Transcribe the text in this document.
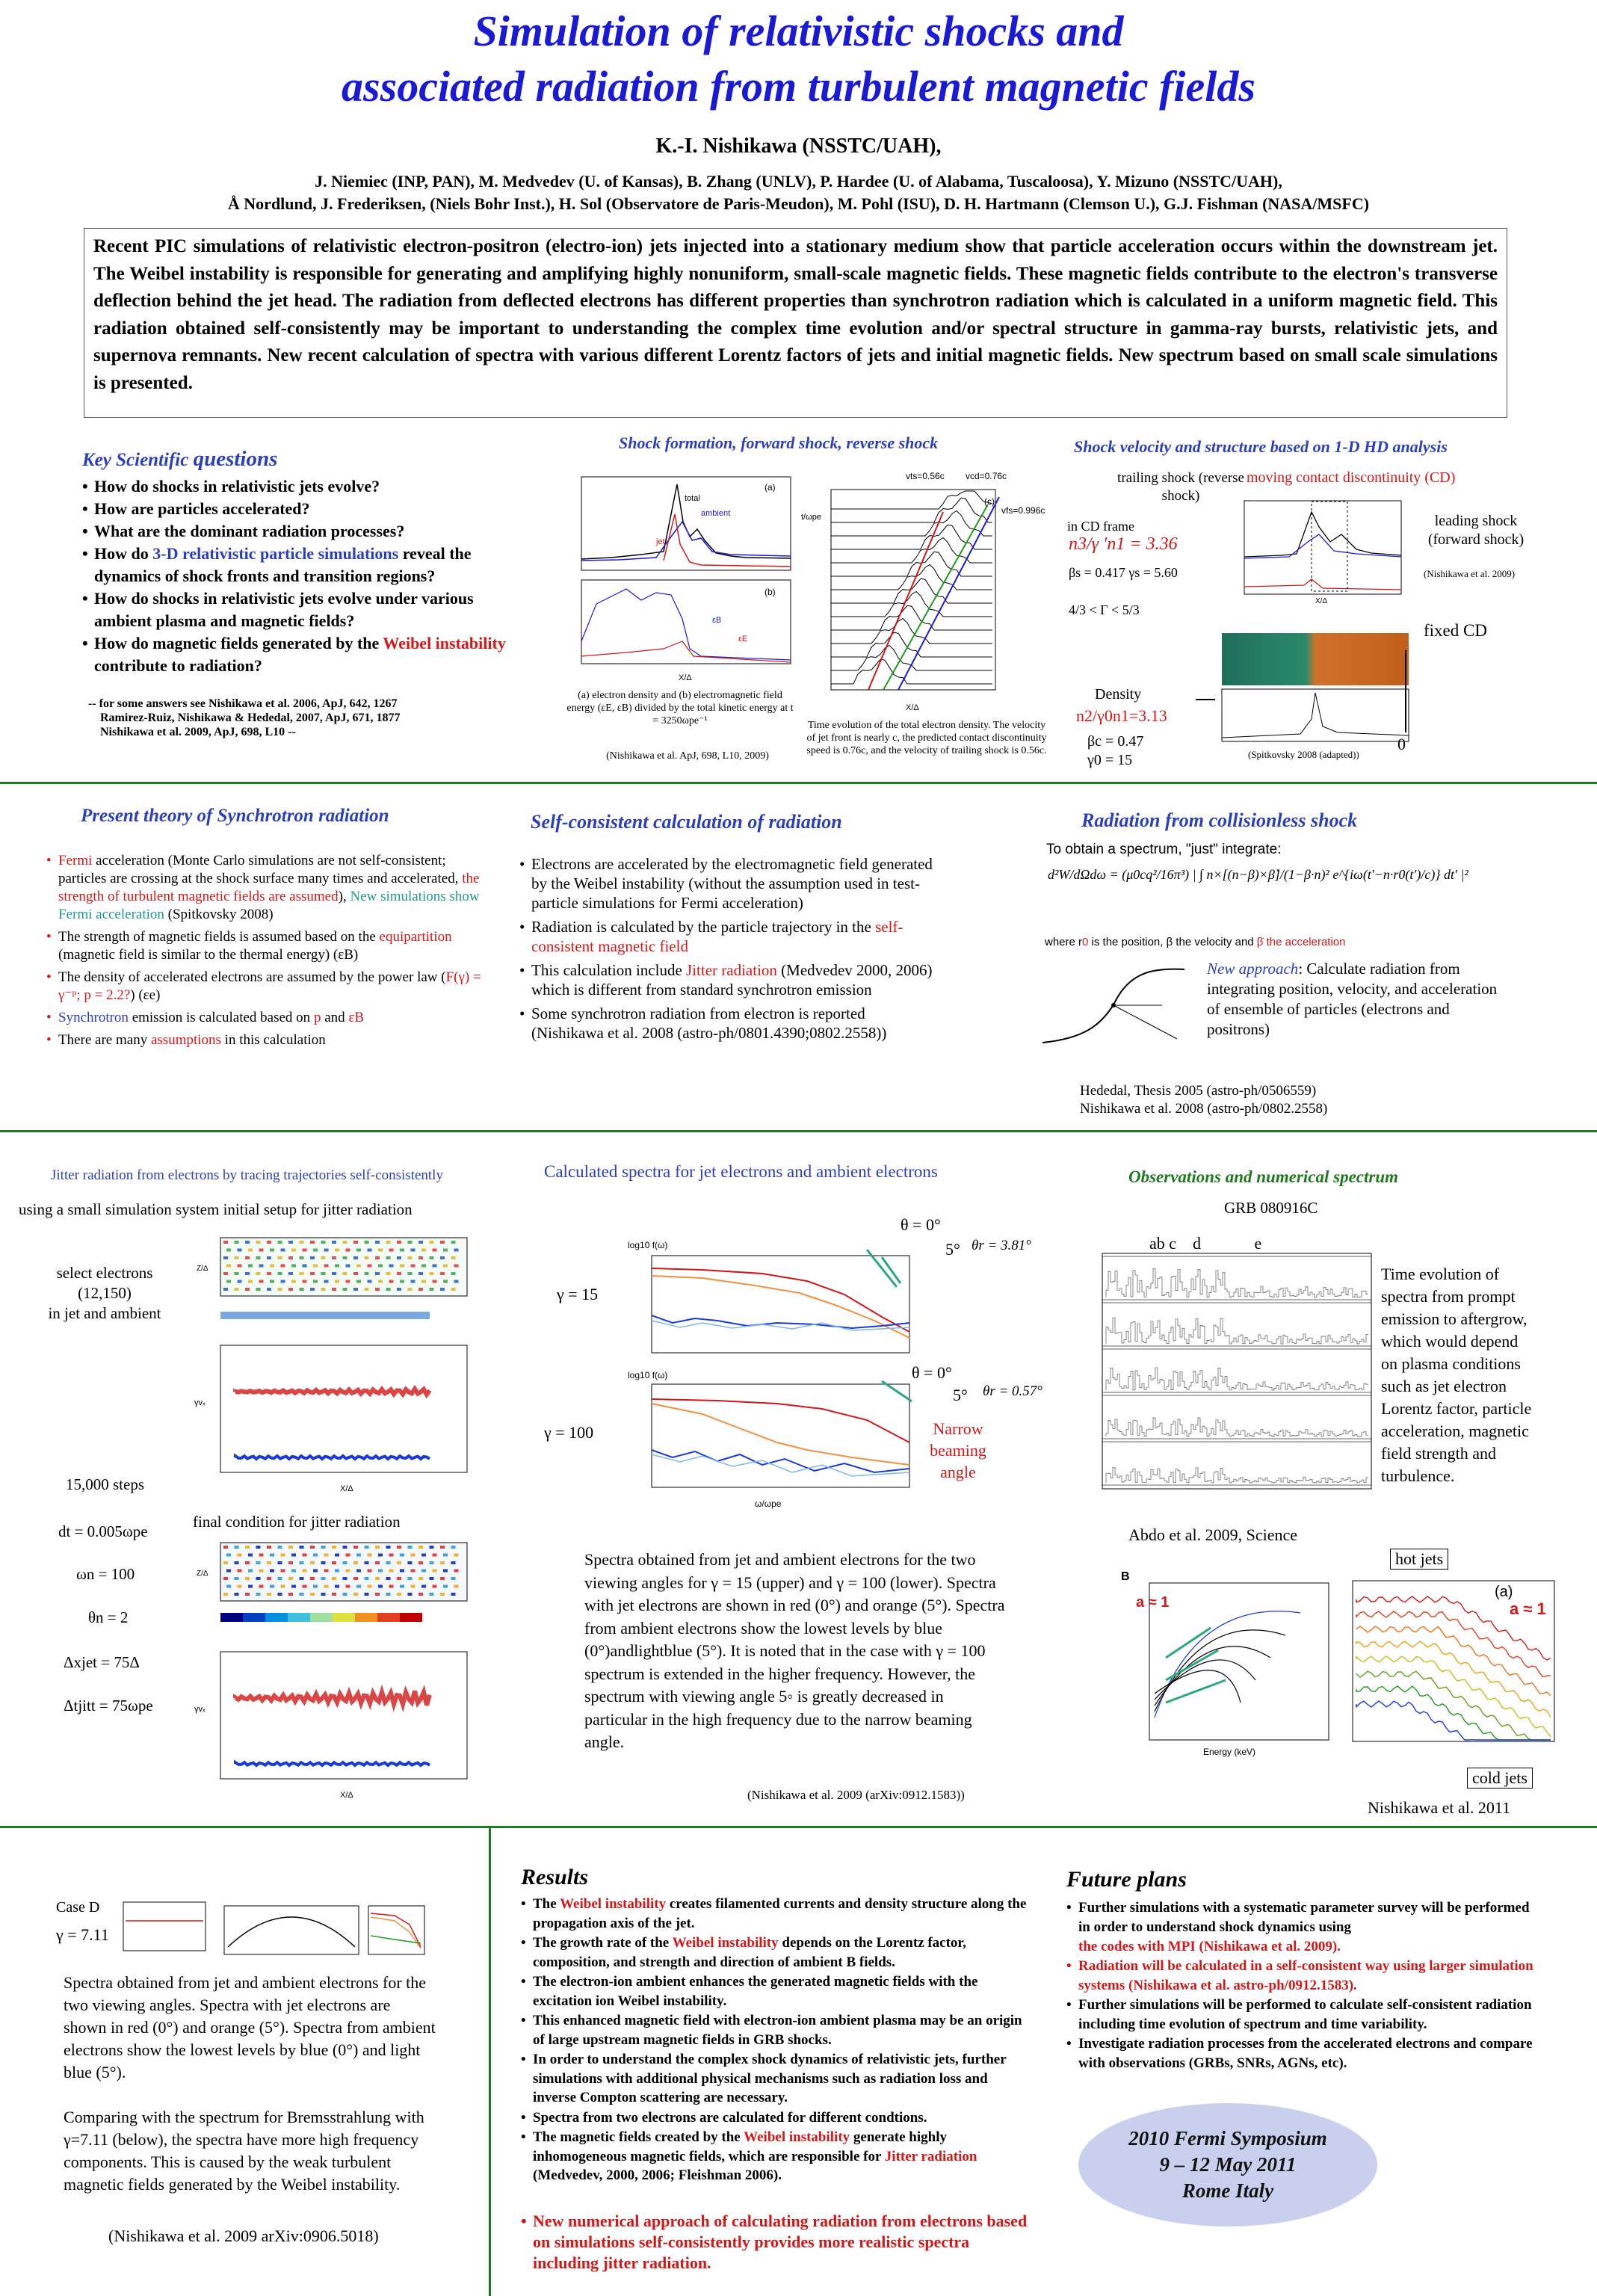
Simulation of relativistic shocks and
associated radiation from turbulent magnetic fields
K.-I. Nishikawa (NSSTC/UAH),
J. Niemiec (INP, PAN), M. Medvedev (U. of Kansas), B. Zhang (UNLV), P. Hardee (U. of Alabama, Tuscaloosa), Y. Mizuno (NSSTC/UAH),
Å Nordlund, J. Frederiksen, (Niels Bohr Inst.), H. Sol (Observatore de Paris-Meudon), M. Pohl (ISU), D. H. Hartmann (Clemson U.), G.J. Fishman (NASA/MSFC)
Recent PIC simulations of relativistic electron-positron (electro-ion) jets injected into a stationary medium show that particle acceleration occurs within the downstream jet. The Weibel instability is responsible for generating and amplifying highly nonuniform, small-scale magnetic fields. These magnetic fields contribute to the electron's transverse deflection behind the jet head. The radiation from deflected electrons has different properties than synchrotron radiation which is calculated in a uniform magnetic field. This radiation obtained self-consistently may be important to understanding the complex time evolution and/or spectral structure in gamma-ray bursts, relativistic jets, and supernova remnants. New recent calculation of spectra with various different Lorentz factors of jets and initial magnetic fields. New spectrum based on small scale simulations is presented.
Key Scientific questions
• How do shocks in relativistic jets evolve?
• How are particles accelerated?
• What are the dominant radiation processes?
• How do 3-D relativistic particle simulations reveal the dynamics of shock fronts and transition regions?
• How do shocks in relativistic jets evolve under various ambient plasma and magnetic fields?
• How do magnetic fields generated by the Weibel instability contribute to radiation?
-- for some answers see Nishikawa et al. 2006, ApJ, 642, 1267
Ramirez-Ruiz, Nishikawa & Hededal, 2007, ApJ, 671, 1877
Nishikawa et al. 2009, ApJ, 698, L10 --
Shock formation, forward shock, reverse shock
(a)
(b)
total
ambient
jet
εB
εE
X/Δ
(a) electron density and (b) electromagnetic field energy (εE, εB) divided by the total kinetic energy at t = 3250ωpe⁻¹
(Nishikawa et al. ApJ, 698, L10, 2009)
vts=0.56c vcd=0.76c
vfs=0.996c
(c)
t/ωpe
X/Δ
Time evolution of the total electron density. The velocity of jet front is nearly c, the predicted contact discontinuity speed is 0.76c, and the velocity of trailing shock is 0.56c.
Shock velocity and structure based on 1-D HD analysis
trailing shock (reverse shock)
moving contact discontinuity (CD)
in CD frame
n3/γ ′n1 = 3.36
βs = 0.417 γs = 5.60
4/3 < Γ < 5/3
X/Δ
leading shock (forward shock)
(Nishikawa et al. 2009)
fixed CD
(Spitkovsky 2008 (adapted))
Density
n2/γ0n1=3.13
βc = 0.47
γ0 = 15
0
Present theory of Synchrotron radiation
• Fermi acceleration (Monte Carlo simulations are not self-consistent; particles are crossing at the shock surface many times and accelerated, the strength of turbulent magnetic fields are assumed), New simulations show Fermi acceleration (Spitkovsky 2008)
• The strength of magnetic fields is assumed based on the equipartition (magnetic field is similar to the thermal energy) (εB)
• The density of accelerated electrons are assumed by the power law (F(γ) = γ⁻ᵖ; p = 2.2?) (εe)
• Synchrotron emission is calculated based on p and εB
• There are many assumptions in this calculation
Self-consistent calculation of radiation
• Electrons are accelerated by the electromagnetic field generated by the Weibel instability (without the assumption used in test-particle simulations for Fermi acceleration)
• Radiation is calculated by the particle trajectory in the self-consistent magnetic field
• This calculation include Jitter radiation (Medvedev 2000, 2006) which is different from standard synchrotron emission
• Some synchrotron radiation from electron is reported (Nishikawa et al. 2008 (astro-ph/0801.4390;0802.2558))
Radiation from collisionless shock
To obtain a spectrum, "just" integrate:
d²W/dΩdω = (μ0cq²/16π³) | ∫ n×[(n−β)×β̇]/(1−β·n)² e^{iω(t′−n·r0(t′)/c)} dt′ |²
where r0 is the position, β the velocity and β̇ the acceleration
New approach: Calculate radiation from integrating position, velocity, and acceleration of ensemble of particles (electrons and positrons)
Hededal, Thesis 2005 (astro-ph/0506559)
Nishikawa et al. 2008 (astro-ph/0802.2558)
Jitter radiation from electrons by tracing trajectories self-consistently
using a small simulation system initial setup for jitter radiation
select electrons
(12,150)
in jet and ambient
Z/Δ
γvₓ
X/Δ
15,000 steps
final condition for jitter radiation
dt = 0.005ωpe
ωn = 100
θn = 2
Δxjet = 75Δ
Δtjitt = 75ωpe
Z/Δ
γvₓ
X/Δ
Calculated spectra for jet electrons and ambient electrons
θ = 0°
5° θr = 3.81°
γ = 15
log10 f(ω)
θ = 0°
5° θr = 0.57°
γ = 100
log10 f(ω)
ω/ωpe
Narrow beaming angle
Spectra obtained from jet and ambient electrons for the two viewing angles for γ = 15 (upper) and γ = 100 (lower). Spectra with jet electrons are shown in red (0°) and orange (5°). Spectra from ambient electrons show the lowest levels by blue (0°)andlightblue (5°). It is noted that in the case with γ = 100 spectrum is extended in the higher frequency. However, the spectrum with viewing angle 5◦ is greatly decreased in particular in the high frequency due to the narrow beaming angle.
(Nishikawa et al. 2009 (arXiv:0912.1583))
Observations and numerical spectrum
GRB 080916C
ab c    d             e
Time evolution of spectra from prompt emission to aftergrow, which would depend on plasma conditions such as jet electron Lorentz factor, particle acceleration, magnetic field strength and turbulence.
Abdo et al. 2009, Science
B
a ≈ 1
Energy (keV)
hot jets
(a)
a ≈ 1
cold jets
Nishikawa et al. 2011
Case D
γ = 7.11
Spectra obtained from jet and ambient electrons for the two viewing angles. Spectra with jet electrons are shown in red (0°) and orange (5°). Spectra from ambient electrons show the lowest levels by blue (0°) and light blue (5°).
Comparing with the spectrum for Bremsstrahlung with γ=7.11 (below), the spectra have more high frequency components. This is caused by the weak turbulent magnetic fields generated by the Weibel instability.
(Nishikawa et al. 2009 arXiv:0906.5018)
Results
• The Weibel instability creates filamented currents and density structure along the propagation axis of the jet.
• The growth rate of the Weibel instability depends on the Lorentz factor, composition, and strength and direction of ambient B fields.
• The electron-ion ambient enhances the generated magnetic fields with the excitation ion Weibel instability.
• This enhanced magnetic field with electron-ion ambient plasma may be an origin of large upstream magnetic fields in GRB shocks.
• In order to understand the complex shock dynamics of relativistic jets, further simulations with additional physical mechanisms such as radiation loss and inverse Compton scattering are necessary.
• Spectra from two electrons are calculated for different condtions.
• The magnetic fields created by the Weibel instability generate highly inhomogeneous magnetic fields, which are responsible for Jitter radiation (Medvedev, 2000, 2006; Fleishman 2006).
• New numerical approach of calculating radiation from electrons based on simulations self-consistently provides more realistic spectra including jitter radiation.
Future plans
• Further simulations with a systematic parameter survey will be performed in order to understand shock dynamics using
the codes with MPI (Nishikawa et al. 2009).
• Radiation will be calculated in a self-consistent way using larger simulation systems (Nishikawa et al. astro-ph/0912.1583).
• Further simulations will be performed to calculate self-consistent radiation including time evolution of spectrum and time variability.
• Investigate radiation processes from the accelerated electrons and compare with observations (GRBs, SNRs, AGNs, etc).
2010 Fermi Symposium
9 – 12 May 2011
Rome Italy
